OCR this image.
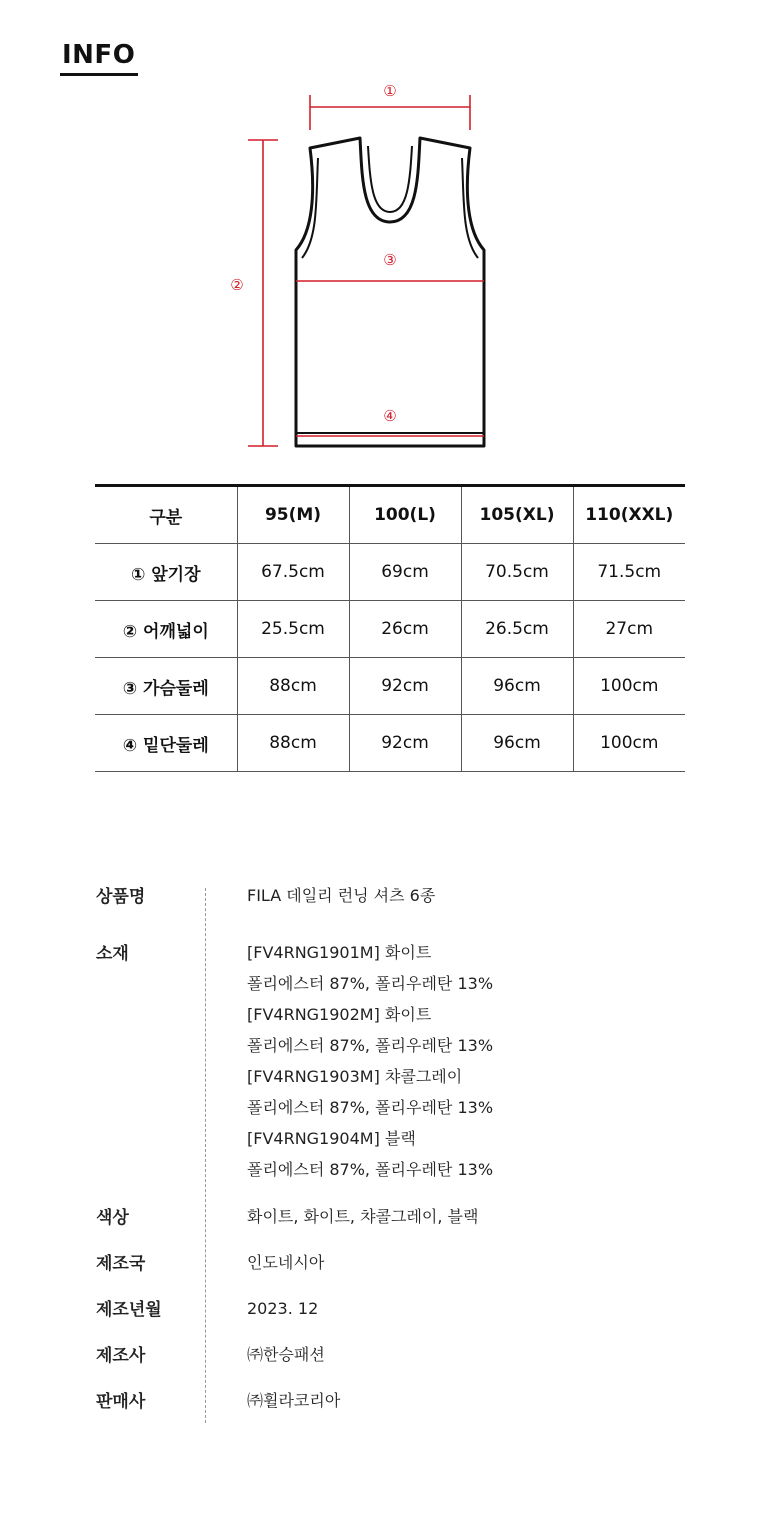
INFO
①
②
③
④
구분	95(M)	100(L)	105(XL)	110(XXL)
① 앞기장	67.5cm	69cm	70.5cm	71.5cm
② 어깨넓이	25.5cm	26cm	26.5cm	27cm
③ 가슴둘레	88cm	92cm	96cm	100cm
④ 밑단둘레	88cm	92cm	96cm	100cm
상품명	FILA 데일리 런닝 셔츠 6종
소재	[FV4RNG1901M] 화이트
폴리에스터 87%, 폴리우레탄 13%
[FV4RNG1902M] 화이트
폴리에스터 87%, 폴리우레탄 13%
[FV4RNG1903M] 챠콜그레이
폴리에스터 87%, 폴리우레탄 13%
[FV4RNG1904M] 블랙
폴리에스터 87%, 폴리우레탄 13%
색상	화이트, 화이트, 챠콜그레이, 블랙
제조국	인도네시아
제조년월	2023. 12
제조사	㈜한승패션
판매사	㈜휠라코리아
